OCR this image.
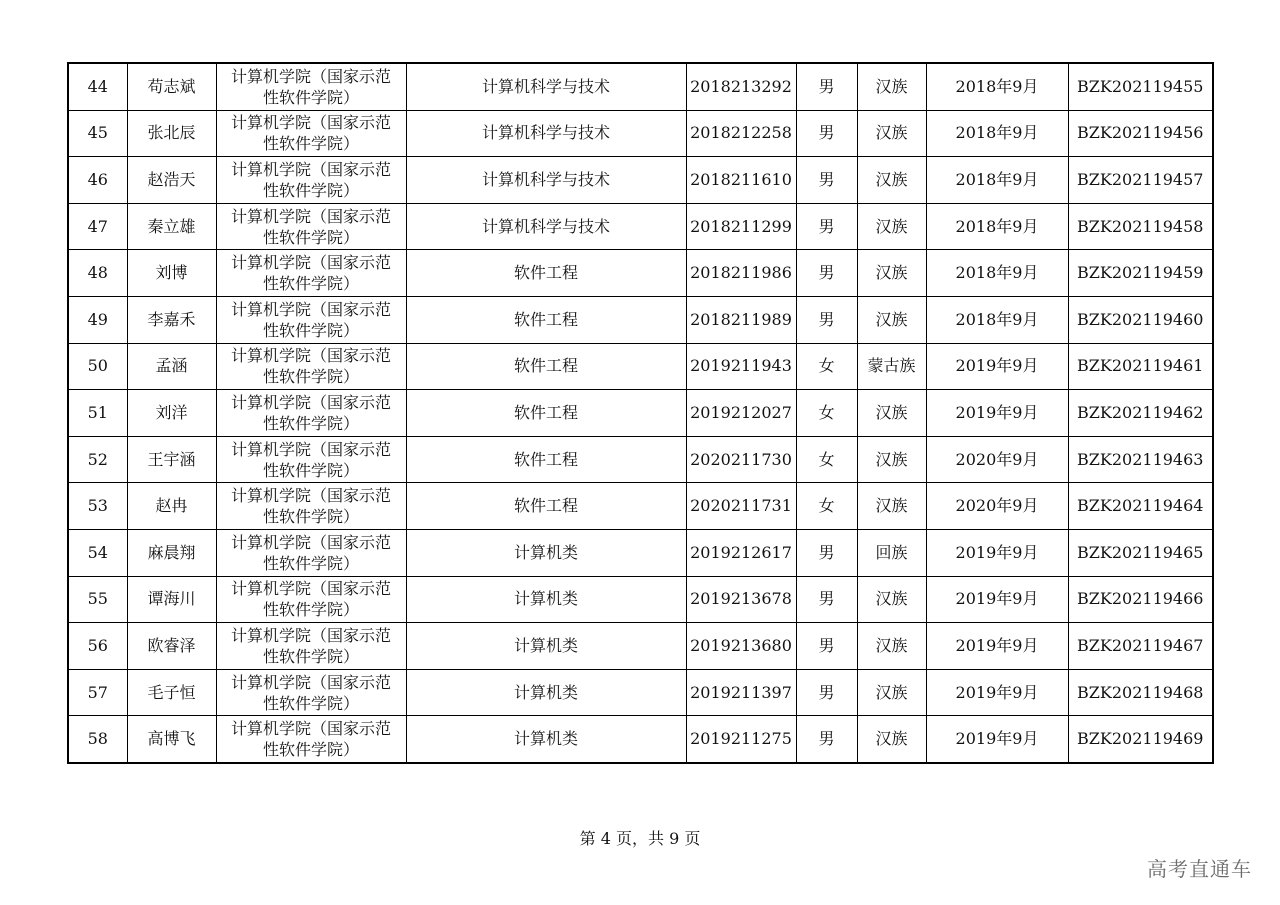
44	苟志斌	计算机学院（国家示范
性软件学院）	计算机科学与技术	2018213292	男	汉族	2018年9月	BZK202119455
45	张北辰	计算机学院（国家示范
性软件学院）	计算机科学与技术	2018212258	男	汉族	2018年9月	BZK202119456
46	赵浩天	计算机学院（国家示范
性软件学院）	计算机科学与技术	2018211610	男	汉族	2018年9月	BZK202119457
47	秦立雄	计算机学院（国家示范
性软件学院）	计算机科学与技术	2018211299	男	汉族	2018年9月	BZK202119458
48	刘博	计算机学院（国家示范
性软件学院）	软件工程	2018211986	男	汉族	2018年9月	BZK202119459
49	李嘉禾	计算机学院（国家示范
性软件学院）	软件工程	2018211989	男	汉族	2018年9月	BZK202119460
50	孟涵	计算机学院（国家示范
性软件学院）	软件工程	2019211943	女	蒙古族	2019年9月	BZK202119461
51	刘洋	计算机学院（国家示范
性软件学院）	软件工程	2019212027	女	汉族	2019年9月	BZK202119462
52	王宇涵	计算机学院（国家示范
性软件学院）	软件工程	2020211730	女	汉族	2020年9月	BZK202119463
53	赵冉	计算机学院（国家示范
性软件学院）	软件工程	2020211731	女	汉族	2020年9月	BZK202119464
54	麻晨翔	计算机学院（国家示范
性软件学院）	计算机类	2019212617	男	回族	2019年9月	BZK202119465
55	谭海川	计算机学院（国家示范
性软件学院）	计算机类	2019213678	男	汉族	2019年9月	BZK202119466
56	欧睿泽	计算机学院（国家示范
性软件学院）	计算机类	2019213680	男	汉族	2019年9月	BZK202119467
57	毛子恒	计算机学院（国家示范
性软件学院）	计算机类	2019211397	男	汉族	2019年9月	BZK202119468
58	高博飞	计算机学院（国家示范
性软件学院）	计算机类	2019211275	男	汉族	2019年9月	BZK202119469
第 4 页，共 9 页
高考直通车
